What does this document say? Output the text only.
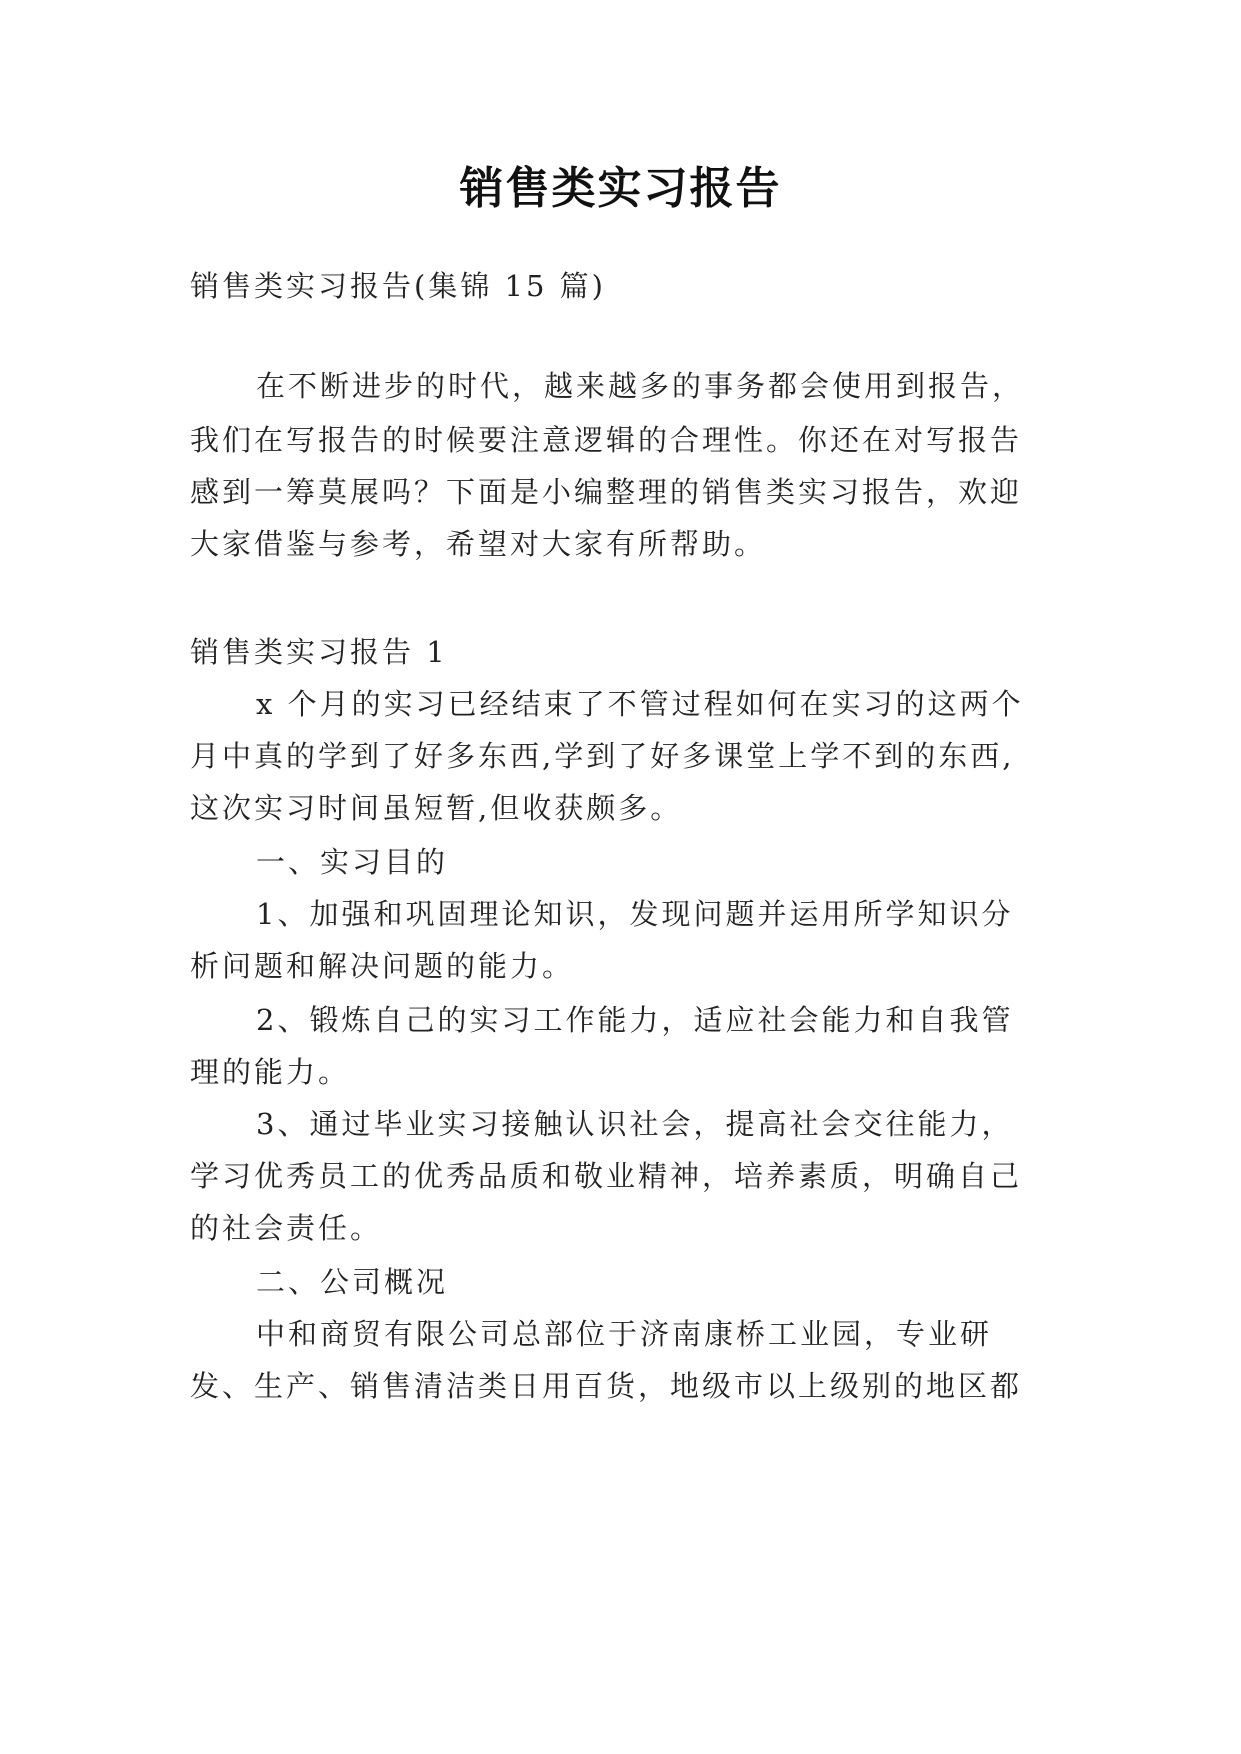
销售类实习报告
销售类实习报告(集锦 15 篇)
在不断进步的时代，越来越多的事务都会使用到报告，
我们在写报告的时候要注意逻辑的合理性。你还在对写报告
感到一筹莫展吗？下面是小编整理的销售类实习报告，欢迎
大家借鉴与参考，希望对大家有所帮助。
销售类实习报告 1
x 个月的实习已经结束了不管过程如何在实习的这两个
月中真的学到了好多东西,学到了好多课堂上学不到的东西,
这次实习时间虽短暂,但收获颇多。
一、实习目的
1、加强和巩固理论知识，发现问题并运用所学知识分
析问题和解决问题的能力。
2、锻炼自己的实习工作能力，适应社会能力和自我管
理的能力。
3、通过毕业实习接触认识社会，提高社会交往能力，
学习优秀员工的优秀品质和敬业精神，培养素质，明确自己
的社会责任。
二、公司概况
中和商贸有限公司总部位于济南康桥工业园，专业研
发、生产、销售清洁类日用百货，地级市以上级别的地区都
